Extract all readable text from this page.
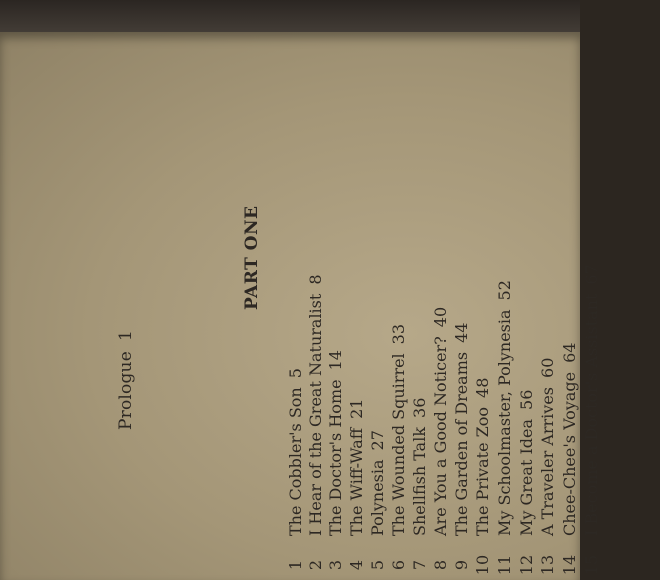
Prologue1
PART ONE
1
The Cobbler's Son5
2
I Hear of the Great Naturalist8
3
The Doctor's Home14
4
The Wiff-Waff21
5
Polynesia27
6
The Wounded Squirrel33
7
Shellfish Talk36
8
Are You a Good Noticer?40
9
The Garden of Dreams44
10
The Private Zoo48
11
My Schoolmaster, Polynesia52
12
My Great Idea56
13
A Traveler Arrives60
14
Chee-Chee's Voyage64
15
I Become a Doctor's Assistant67
